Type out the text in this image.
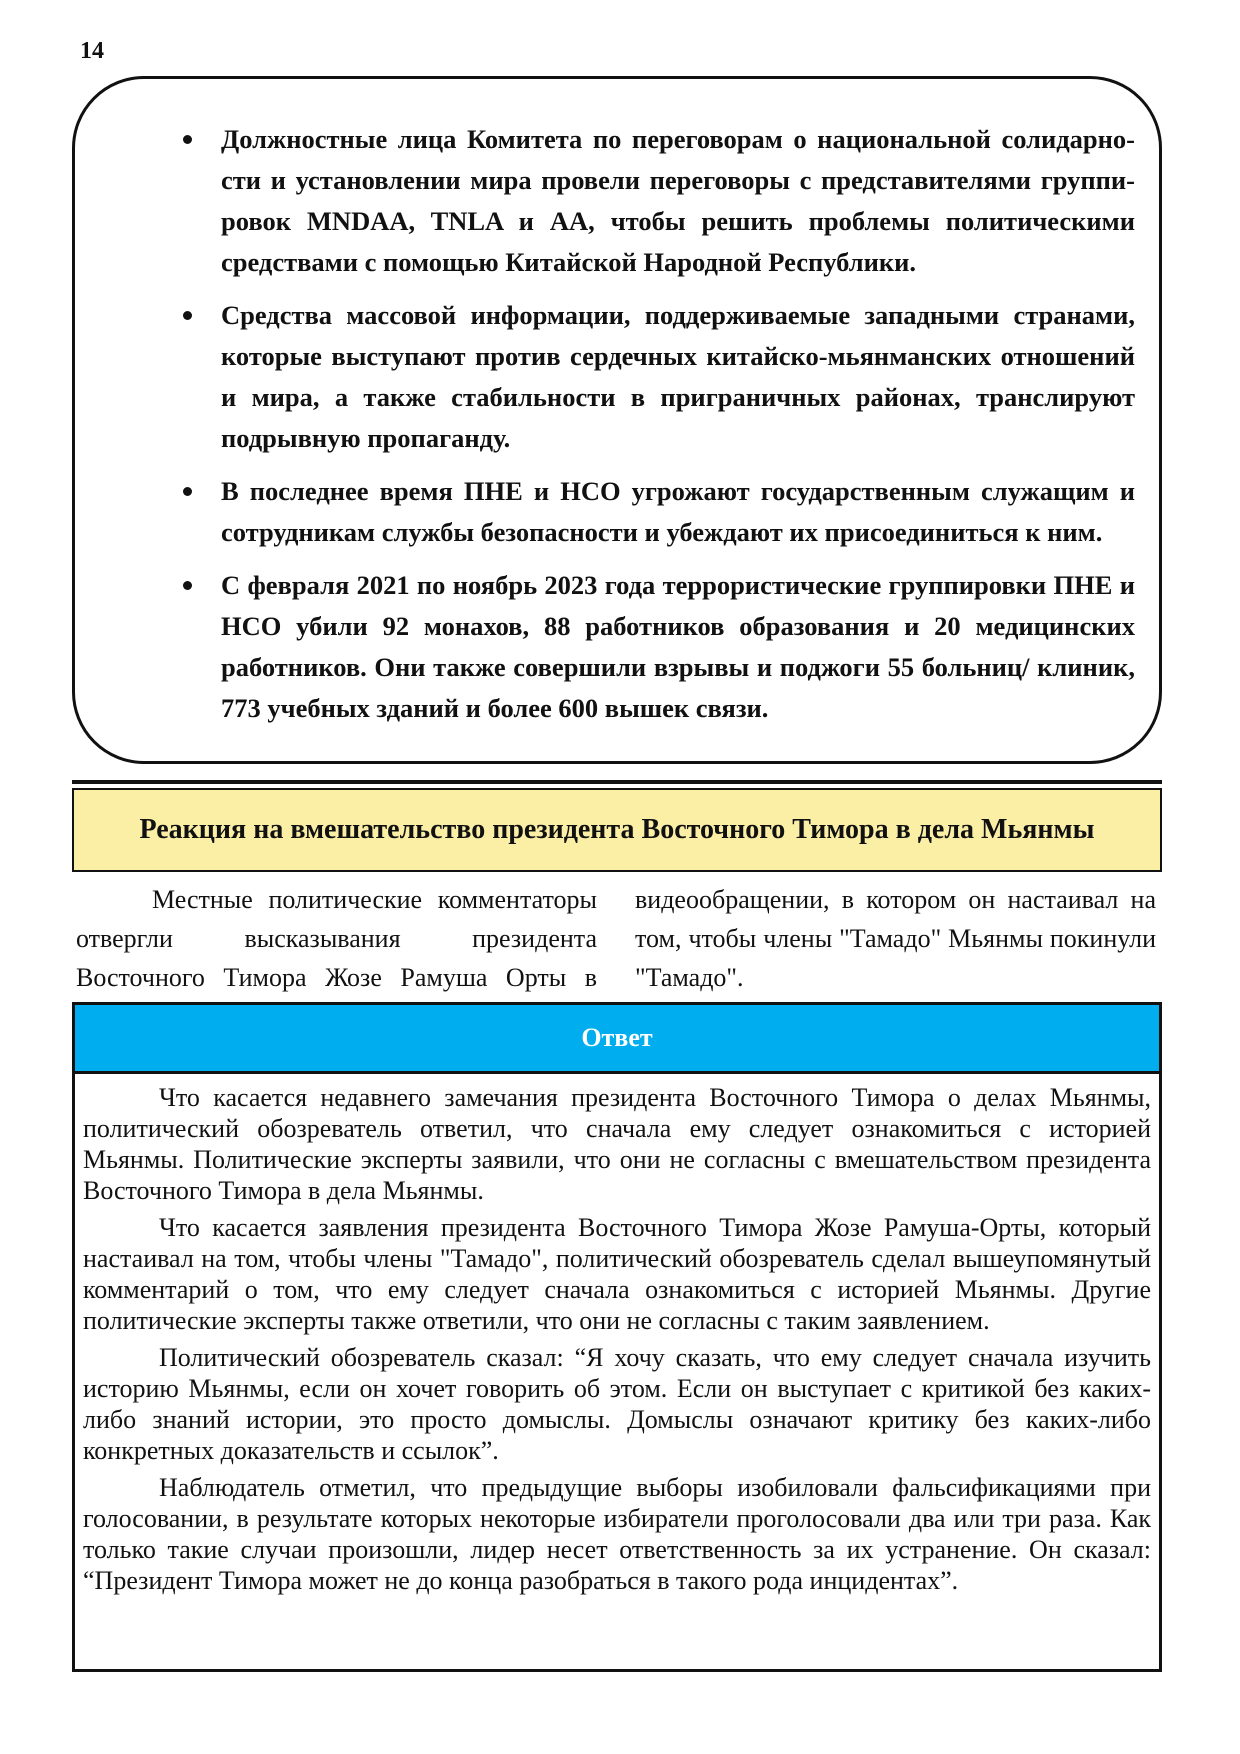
14
Должностные лица Комитета по переговорам о национальной солидарности и установлении мира провели переговоры с представителями группировок MNDAA, TNLA и AA, чтобы решить проблемы политическими средствами с помощью Китайской Народной Республики.
Средства массовой информации, поддерживаемые западными странами, которые выступают против сердечных китайско-мьянманских отношений и мира, а также стабильности в приграничных районах, транслируют подрывную пропаганду.
В последнее время ПНЕ и НСО угрожают государственным служащим и сотрудникам службы безопасности и убеждают их присоединиться к ним.
С февраля 2021 по ноябрь 2023 года террористические группировки ПНЕ и НСО убили 92 монахов, 88 работников образования и 20 медицинских работников. Они также совершили взрывы и поджоги 55 больниц/ клиник, 773 учебных зданий и более 600 вышек связи.
Реакция на вмешательство президента Восточного Тимора в дела Мьянмы

Местные политические комментаторы отвергли высказывания президента Восточного Тимора Жозе Рамуша Орты в видеообращении, в котором он настаивал на том, чтобы члены "Тамадо" Мьянмы покинули "Тамадо".

Ответ

Что касается недавнего замечания президента Восточного Тимора о делах Мьянмы, политический обозреватель ответил, что сначала ему следует ознакомиться с историей Мьянмы. Политические эксперты заявили, что они не согласны с вмешательством президента Восточного Тимора в дела Мьянмы.

Что касается заявления президента Восточного Тимора Жозе Рамуша-Орты, который настаивал на том, чтобы члены "Тамадо", политический обозреватель сделал вышеупомянутый комментарий о том, что ему следует сначала ознакомиться с историей Мьянмы. Другие политические эксперты также ответили, что они не согласны с таким заявлением.

Политический обозреватель сказал: “Я хочу сказать, что ему следует сначала изучить историю Мьянмы, если он хочет говорить об этом. Если он выступает с критикой без каких-либо знаний истории, это просто домыслы. Домыслы означают критику без каких-либо конкретных доказательств и ссылок”.

Наблюдатель отметил, что предыдущие выборы изобиловали фальсификациями при голосовании, в результате которых некоторые избиратели проголосовали два или три раза. Как только такие случаи произошли, лидер несет ответственность за их устранение. Он сказал: “Президент Тимора может не до конца разобраться в такого рода инцидентах”.
